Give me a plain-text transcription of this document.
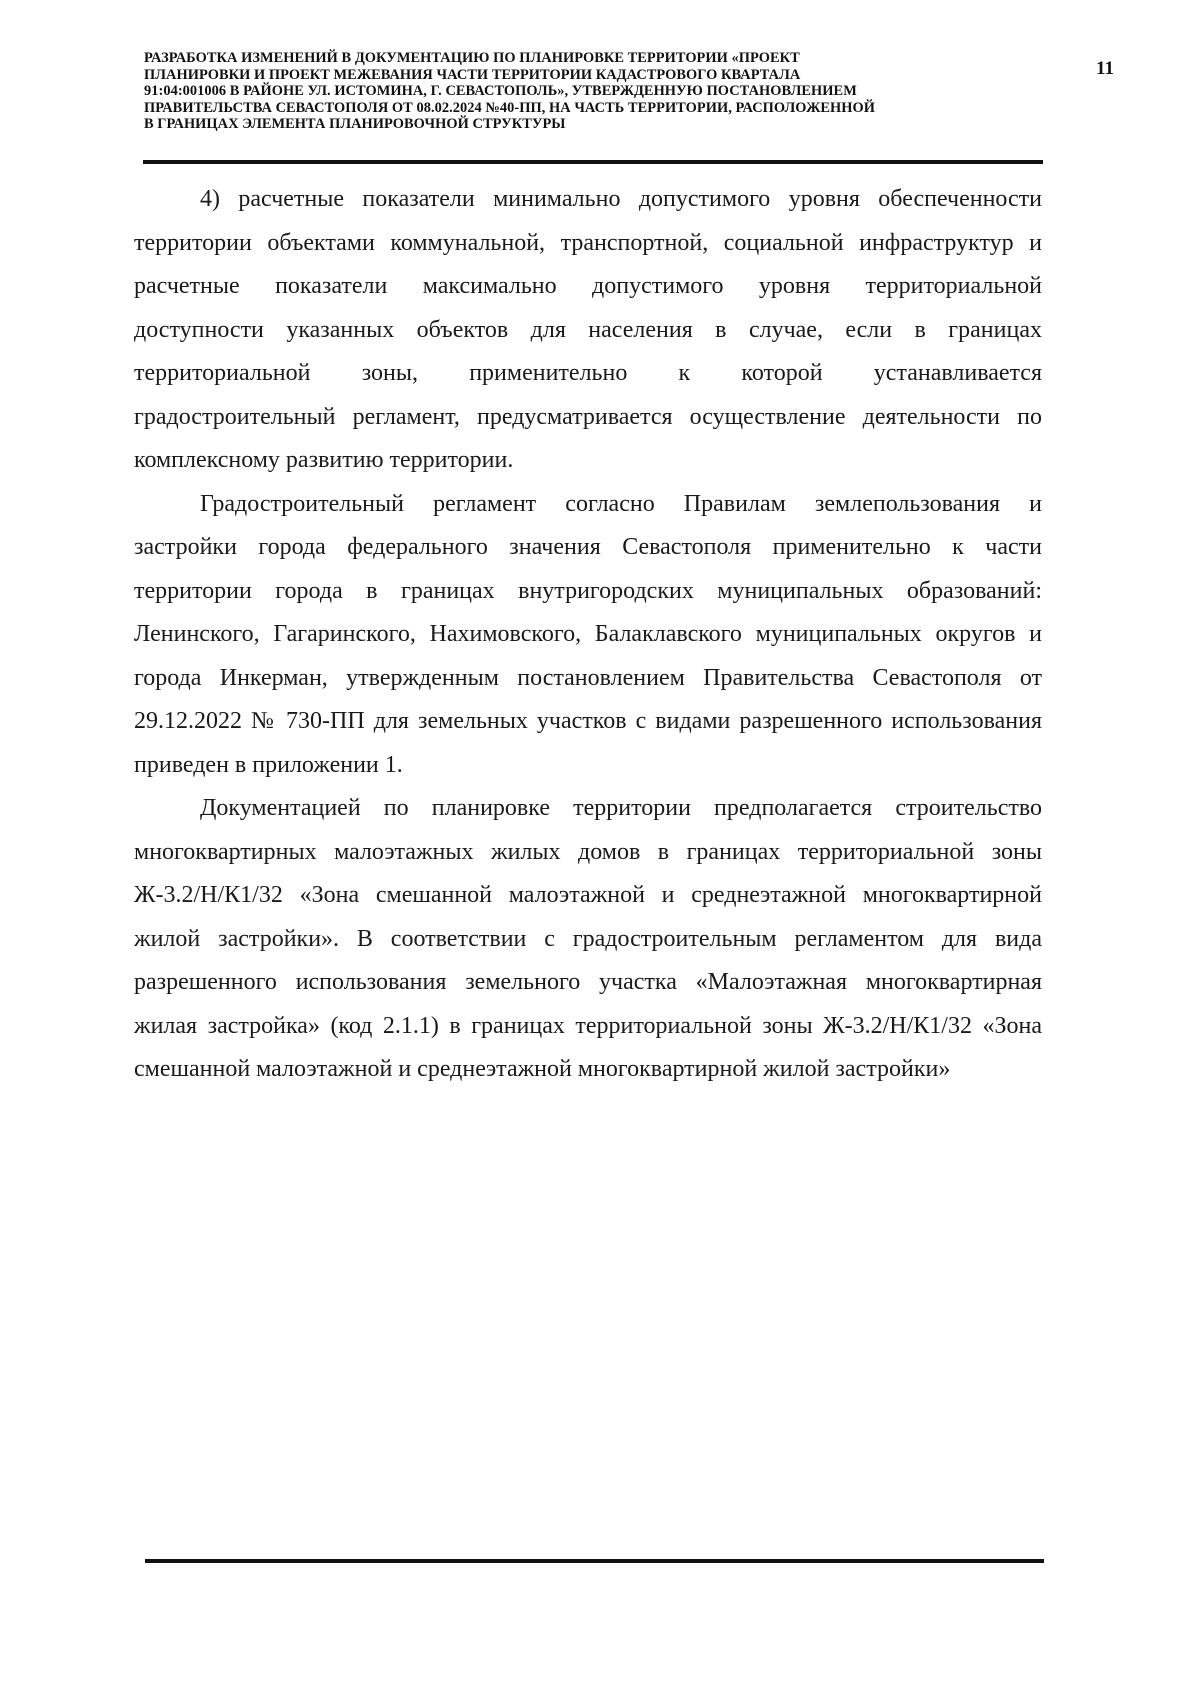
РАЗРАБОТКА ИЗМЕНЕНИЙ В ДОКУМЕНТАЦИЮ ПО ПЛАНИРОВКЕ ТЕРРИТОРИИ «ПРОЕКТ
ПЛАНИРОВКИ И ПРОЕКТ МЕЖЕВАНИЯ ЧАСТИ ТЕРРИТОРИИ КАДАСТРОВОГО КВАРТАЛА
91:04:001006 В РАЙОНЕ УЛ. ИСТОМИНА, Г. СЕВАСТОПОЛЬ», УТВЕРЖДЕННУЮ ПОСТАНОВЛЕНИЕМ
ПРАВИТЕЛЬСТВА СЕВАСТОПОЛЯ ОТ 08.02.2024 №40-ПП, НА ЧАСТЬ ТЕРРИТОРИИ, РАСПОЛОЖЕННОЙ
В ГРАНИЦАХ ЭЛЕМЕНТА ПЛАНИРОВОЧНОЙ СТРУКТУРЫ
11

4) расчетные показатели минимально допустимого уровня обеспеченности
территории объектами коммунальной, транспортной, социальной инфраструктур и
расчетные показатели максимально допустимого уровня территориальной
доступности указанных объектов для населения в случае, если в границах
территориальной зоны, применительно к которой устанавливается
градостроительный регламент, предусматривается осуществление деятельности по
комплексному развитию территории.

Градостроительный регламент согласно Правилам землепользования и
застройки города федерального значения Севастополя применительно к части
территории города в границах внутригородских муниципальных образований:
Ленинского, Гагаринского, Нахимовского, Балаклавского муниципальных округов и
города Инкерман, утвержденным постановлением Правительства Севастополя от
29.12.2022 № 730-ПП для земельных участков с видами разрешенного использования
приведен в приложении 1.

Документацией по планировке территории предполагается строительство
многоквартирных малоэтажных жилых домов в границах территориальной зоны
Ж-3.2/Н/К1/32 «Зона смешанной малоэтажной и среднеэтажной многоквартирной
жилой застройки». В соответствии с градостроительным регламентом для вида
разрешенного использования земельного участка «Малоэтажная многоквартирная
жилая застройка» (код 2.1.1) в границах территориальной зоны Ж-3.2/Н/К1/32 «Зона
смешанной малоэтажной и среднеэтажной многоквартирной жилой застройки»
